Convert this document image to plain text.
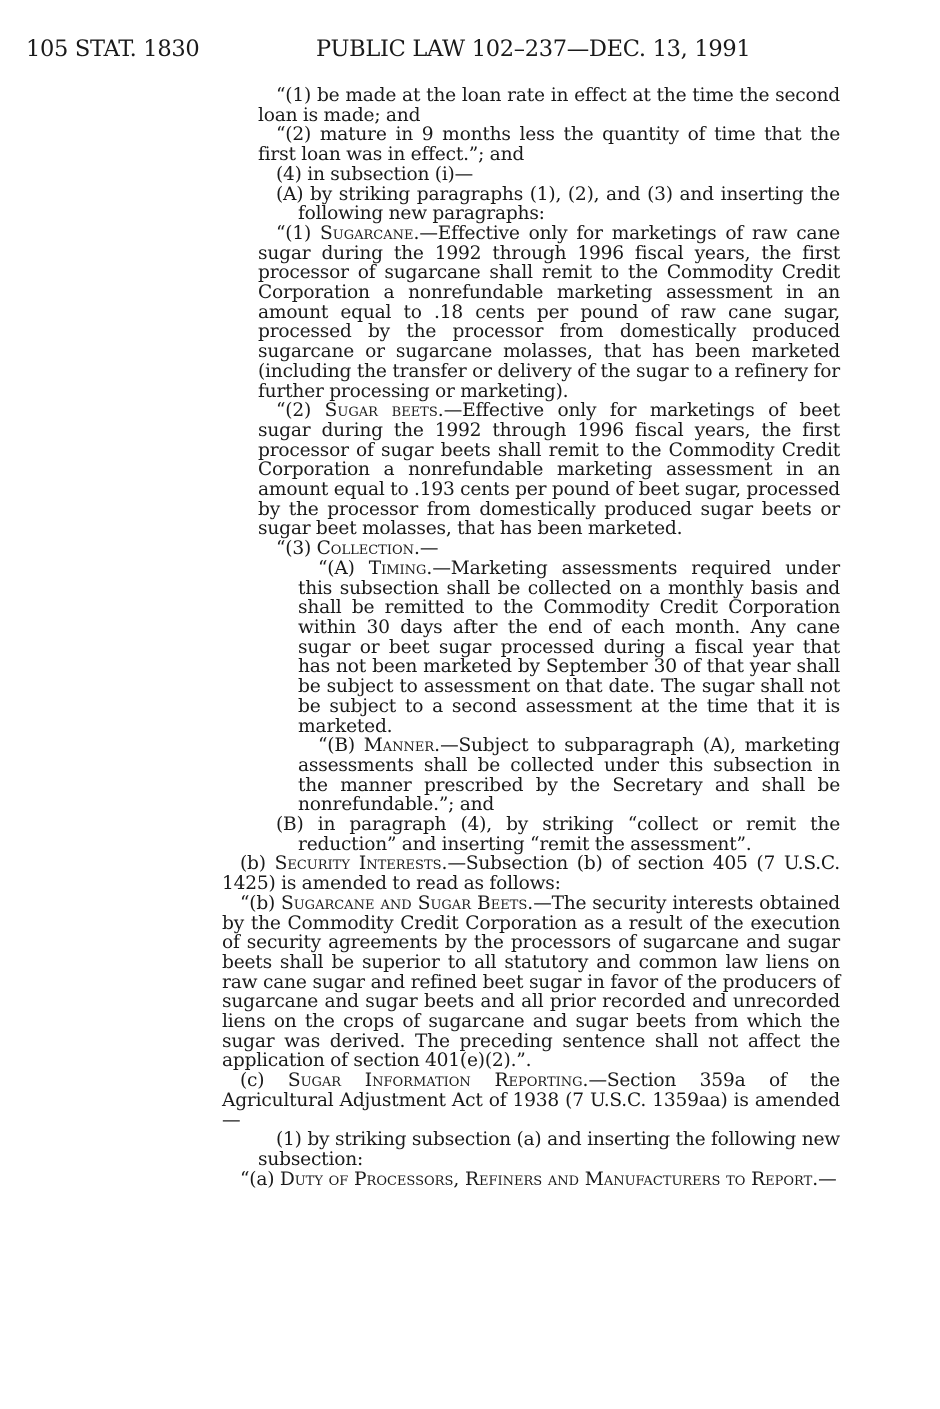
105 STAT. 1830	PUBLIC LAW 102–237—DEC. 13, 1991

“(1) be made at the loan rate in effect at the time the second loan is made; and

“(2) mature in 9 months less the quantity of time that the first loan was in effect.”; and

(4) in subsection (i)—

(A) by striking paragraphs (1), (2), and (3) and inserting the following new paragraphs:

“(1) Sugarcane.—Effective only for marketings of raw cane sugar during the 1992 through 1996 fiscal years, the first processor of sugarcane shall remit to the Commodity Credit Corporation a nonrefundable marketing assessment in an amount equal to .18 cents per pound of raw cane sugar, processed by the processor from domestically produced sugarcane or sugarcane molasses, that has been marketed (including the transfer or delivery of the sugar to a refinery for further processing or marketing).

“(2) Sugar beets.—Effective only for marketings of beet sugar during the 1992 through 1996 fiscal years, the first processor of sugar beets shall remit to the Commodity Credit Corporation a nonrefundable marketing assessment in an amount equal to .193 cents per pound of beet sugar, processed by the processor from domestically produced sugar beets or sugar beet molasses, that has been marketed.

“(3) Collection.—

“(A) Timing.—Marketing assessments required under this subsection shall be collected on a monthly basis and shall be remitted to the Commodity Credit Corporation within 30 days after the end of each month. Any cane sugar or beet sugar processed during a fiscal year that has not been marketed by September 30 of that year shall be subject to assessment on that date. The sugar shall not be subject to a second assessment at the time that it is marketed.

“(B) Manner.—Subject to subparagraph (A), marketing assessments shall be collected under this subsection in the manner prescribed by the Secretary and shall be nonrefundable.”; and

(B) in paragraph (4), by striking “collect or remit the reduction” and inserting “remit the assessment”.

(b) Security Interests.—Subsection (b) of section 405 (7 U.S.C. 1425) is amended to read as follows:

“(b) Sugarcane and Sugar Beets.—The security interests obtained by the Commodity Credit Corporation as a result of the execution of security agreements by the processors of sugarcane and sugar beets shall be superior to all statutory and common law liens on raw cane sugar and refined beet sugar in favor of the producers of sugarcane and sugar beets and all prior recorded and unrecorded liens on the crops of sugarcane and sugar beets from which the sugar was derived. The preceding sentence shall not affect the application of section 401(e)(2).”.

(c) Sugar Information Reporting.—Section 359a of the Agricultural Adjustment Act of 1938 (7 U.S.C. 1359aa) is amended—

(1) by striking subsection (a) and inserting the following new subsection:

“(a) Duty of Processors, Refiners and Manufacturers to Report.—
